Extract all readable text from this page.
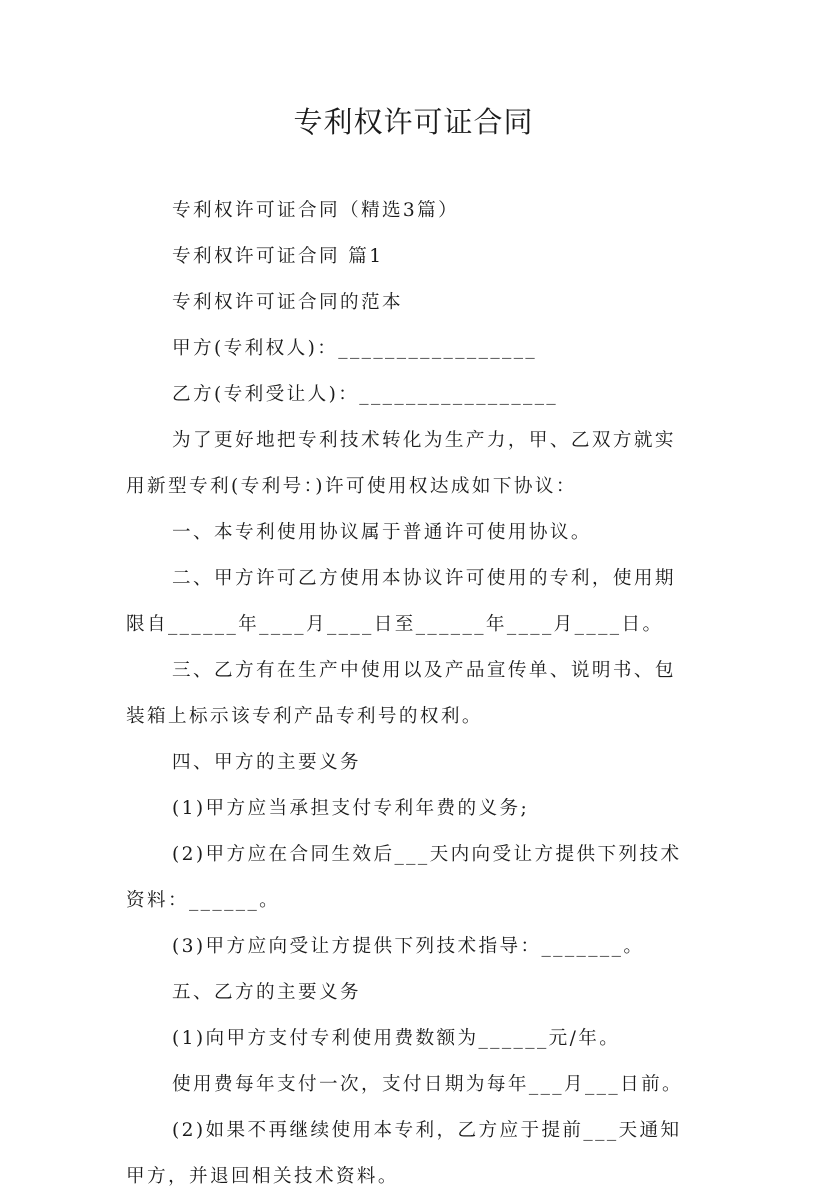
专利权许可证合同

专利权许可证合同（精选3篇）

专利权许可证合同 篇1

专利权许可证合同的范本

甲方(专利权人)：_________________

乙方(专利受让人)：_________________

为了更好地把专利技术转化为生产力，甲、乙双方就实
用新型专利(专利号：)许可使用权达成如下协议：

一、本专利使用协议属于普通许可使用协议。

二、甲方许可乙方使用本协议许可使用的专利，使用期
限自______年____月____日至______年____月____日。

三、乙方有在生产中使用以及产品宣传单、说明书、包
装箱上标示该专利产品专利号的权利。

四、甲方的主要义务

(1)甲方应当承担支付专利年费的义务;

(2)甲方应在合同生效后___天内向受让方提供下列技术
资料：______。

(3)甲方应向受让方提供下列技术指导：_______。

五、乙方的主要义务

(1)向甲方支付专利使用费数额为______元/年。

使用费每年支付一次，支付日期为每年___月___日前。

(2)如果不再继续使用本专利，乙方应于提前___天通知
甲方，并退回相关技术资料。
